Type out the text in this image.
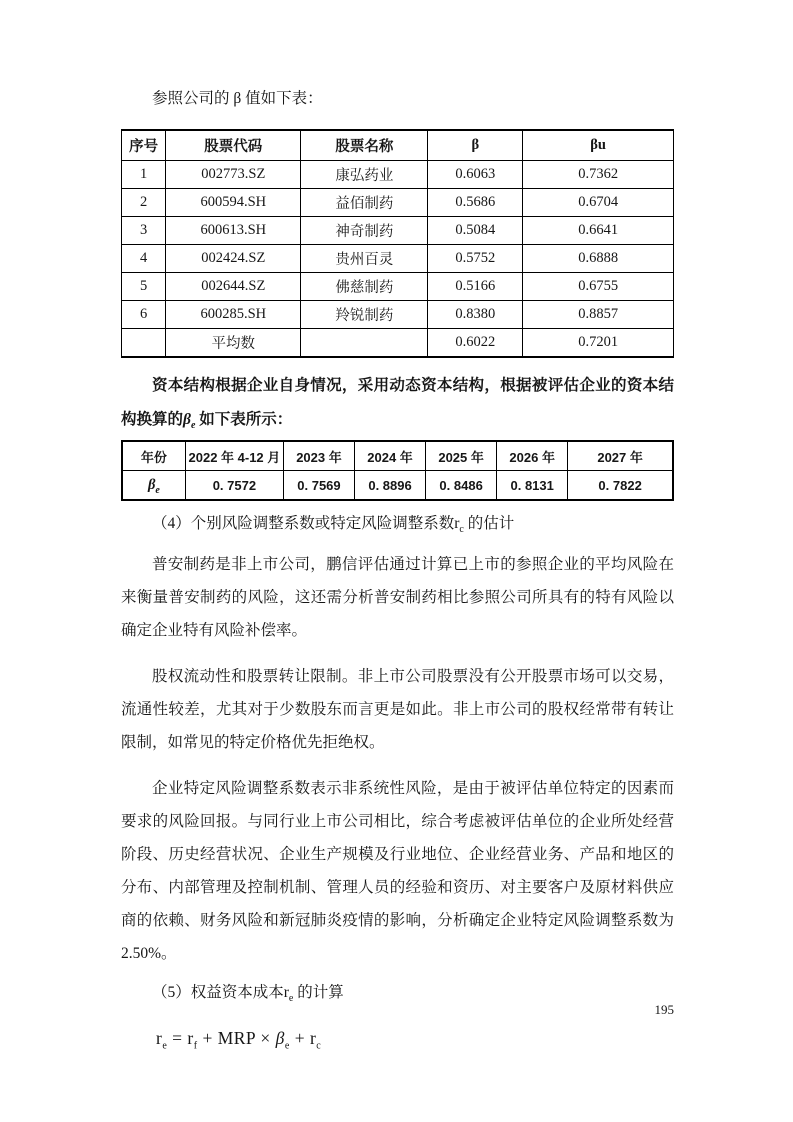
参照公司的 β 值如下表：

序号	股票代码	股票名称	β	βu
1	002773.SZ	康弘药业	0.6063	0.7362
2	600594.SH	益佰制药	0.5686	0.6704
3	600613.SH	神奇制药	0.5084	0.6641
4	002424.SZ	贵州百灵	0.5752	0.6888
5	002644.SZ	佛慈制药	0.5166	0.6755
6	600285.SH	羚锐制药	0.8380	0.8857
	平均数		0.6022	0.7201

资本结构根据企业自身情况，采用动态资本结构，根据被评估企业的资本结构换算的$\beta_e$ 如下表所示：

年份	2022 年 4-12 月	2023 年	2024 年	2025 年	2026 年	2027 年
$\beta_e$	0. 7572	0. 7569	0. 8896	0. 8486	0. 8131	0. 7822

（4）个别风险调整系数或特定风险调整系数$r_c$ 的估计

普安制药是非上市公司，鹏信评估通过计算已上市的参照企业的平均风险在来衡量普安制药的风险，这还需分析普安制药相比参照公司所具有的特有风险以确定企业特有风险补偿率。

股权流动性和股票转让限制。非上市公司股票没有公开股票市场可以交易，流通性较差，尤其对于少数股东而言更是如此。非上市公司的股权经常带有转让限制，如常见的特定价格优先拒绝权。

企业特定风险调整系数表示非系统性风险，是由于被评估单位特定的因素而要求的风险回报。与同行业上市公司相比，综合考虑被评估单位的企业所处经营阶段、历史经营状况、企业生产规模及行业地位、企业经营业务、产品和地区的分布、内部管理及控制机制、管理人员的经验和资历、对主要客户及原材料供应商的依赖、财务风险和新冠肺炎疫情的影响，分析确定企业特定风险调整系数为2.50%。

（5）权益资本成本$r_e$ 的计算

$r_e = r_f$ + MRP × $\beta_e + r_c$

195
